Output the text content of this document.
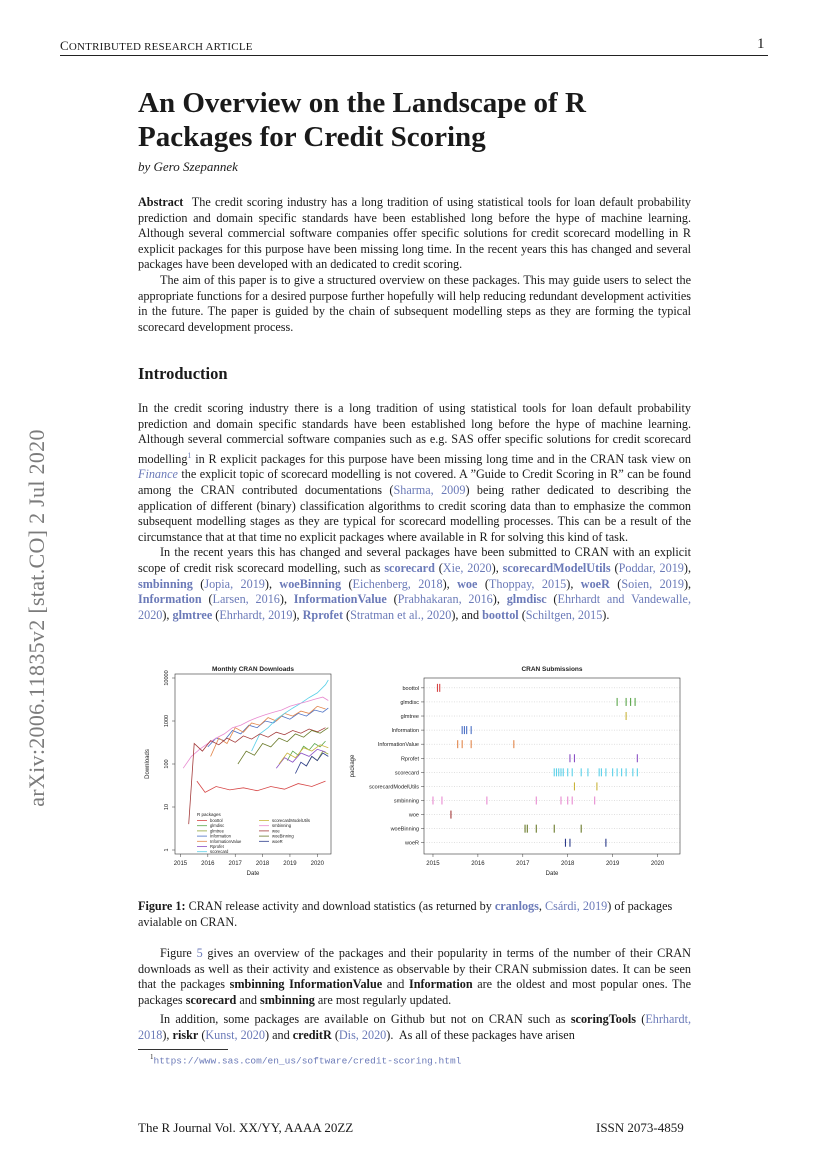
CONTRIBUTED RESEARCH ARTICLE	1
arXiv:2006.11835v2 [stat.CO] 2 Jul 2020
An Overview on the Landscape of R Packages for Credit Scoring
by Gero Szepannek

Abstract The credit scoring industry has a long tradition of using statistical tools for loan default probability prediction and domain specific standards have been established long before the hype of machine learning. Although several commercial software companies offer specific solutions for credit scorecard modelling in R explicit packages for this purpose have been missing long time. In the recent years this has changed and several packages have been developed with an dedicated to credit scoring.

The aim of this paper is to give a structured overview on these packages. This may guide users to select the appropriate functions for a desired purpose further hopefully will help reducing redundant development activities in the future. The paper is guided by the chain of subsequent modelling steps as they are forming the typical scorecard development process.

Introduction

In the credit scoring industry there is a long tradition of using statistical tools for loan default probability prediction and domain specific standards have been established long before the hype of machine learning. Although several commercial software companies such as e.g. SAS offer specific solutions for credit scorecard modelling$^1$ in R explicit packages for this purpose have been missing long time and in the CRAN task view on Finance the explicit topic of scorecard modelling is not covered. A ”Guide to Credit Scoring in R” can be found among the CRAN contributed documentations (Sharma, 2009) being rather dedicated to describing the application of different (binary) classification algorithms to credit scoring data than to emphasize the common subsequent modelling stages as they are typical for scorecard modelling processes. This can be a result of the circumstance that at that time no explicit packages where available in R for solving this kind of task.

In the recent years this has changed and several packages have been submitted to CRAN with an explicit scope of credit risk scorecard modelling, such as scorecard (Xie, 2020), scorecardModelUtils (Poddar, 2019), smbinning (Jopia, 2019), woeBinning (Eichenberg, 2018), woe (Thoppay, 2015), woeR (Soien, 2019), Information (Larsen, 2016), InformationValue (Prabhakaran, 2016), glmdisc (Ehrhardt and Vandewalle, 2020), glmtree (Ehrhardt, 2019), Rprofet (Stratman et al., 2020), and boottol (Schiltgen, 2015).

Monthly CRAN Downloads
2015 2016 2017 2018 2019 2020
Date
1
10
100
1000
10000
Downloads
R packages
boottol
glmdisc
glmtree
Information
InformationValue
Rprofet
scorecard
scorecardModelUtils
smbinning
woe
woeBinning
woeR
CRAN Submissions
boottol
glmdisc
glmtree
Information
InformationValue
Rprofet
scorecard
scorecardModelUtils
smbinning
woe
woeBinning
woeR
2015	2016	2017	2018	2019	2020
Date
package
Figure 1: CRAN release activity and download statistics (as returned by cranlogs, Csárdi, 2019) of packages avialable on CRAN.

Figure 5 gives an overview of the packages and their popularity in terms of the number of their CRAN downloads as well as their activity and existence as observable by their CRAN submission dates. It can be seen that the packages smbinning InformationValue and Information are the oldest and most popular ones. The packages scorecard and smbinning are most regularly updated.

In addition, some packages are available on Github but not on CRAN such as scoringTools (Ehrhardt, 2018), riskr (Kunst, 2020) and creditR (Dis, 2020).  As all of these packages have arisen

$^1$https://www.sas.com/en_us/software/credit-scoring.html
The R Journal Vol. XX/YY, AAAA 20ZZ	ISSN 2073-4859
